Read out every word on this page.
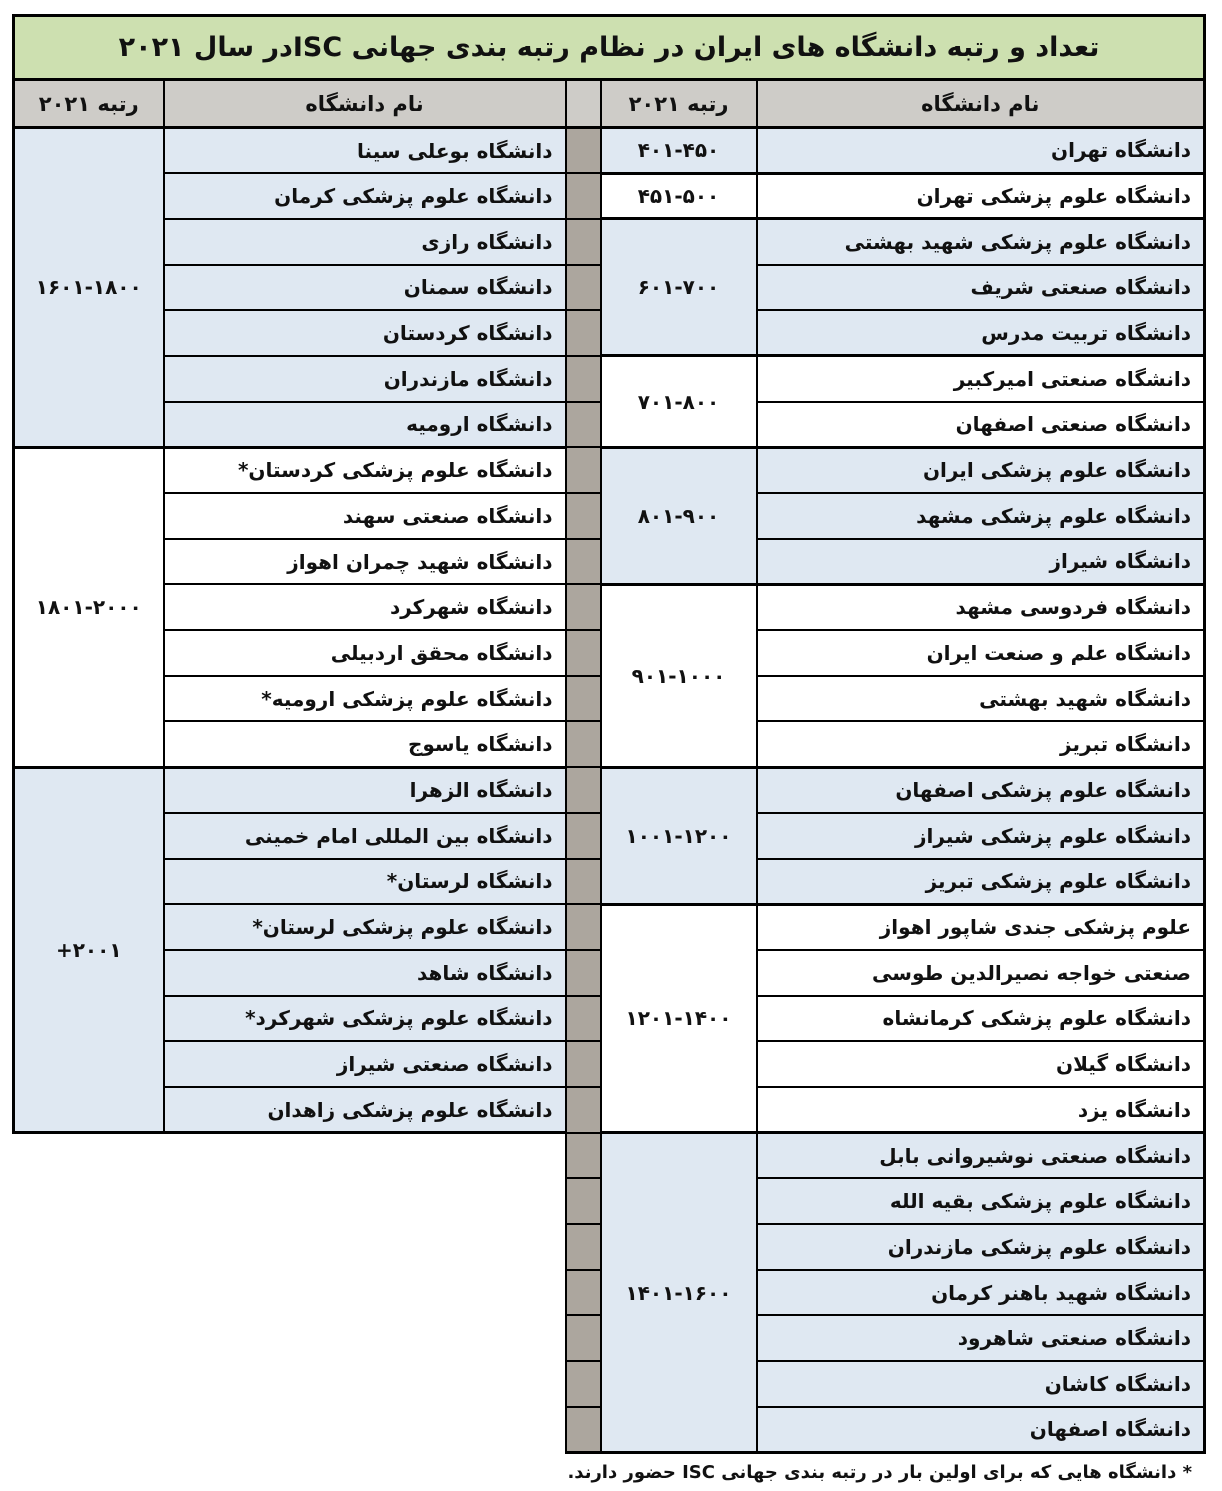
تعداد و رتبه دانشگاه های ایران در نظام رتبه بندی جهانی ISCدر سال ۲۰۲۱				
نام دانشگاه	رتبه ۲۰۲۱		نام دانشگاه	رتبه ۲۰۲۱
دانشگاه تهران	۴۰۱-۴۵۰		دانشگاه بوعلی سینا	۱۶۰۱-۱۸۰۰
دانشگاه علوم پزشکی تهران	۴۵۱-۵۰۰		دانشگاه علوم پزشکی کرمان	
دانشگاه علوم پزشکی شهید بهشتی	۶۰۱-۷۰۰		دانشگاه رازی	
دانشگاه صنعتی شریف			دانشگاه سمنان	
دانشگاه تربیت مدرس			دانشگاه کردستان	
دانشگاه صنعتی امیرکبیر	۷۰۱-۸۰۰		دانشگاه مازندران	
دانشگاه صنعتی اصفهان			دانشگاه ارومیه	
دانشگاه علوم پزشکی ایران	۸۰۱-۹۰۰		دانشگاه علوم پزشکی کردستان*	۱۸۰۱-۲۰۰۰
دانشگاه علوم پزشکی مشهد			دانشگاه صنعتی سهند	
دانشگاه شیراز			دانشگاه شهید چمران اهواز	
دانشگاه فردوسی مشهد	۹۰۱-۱۰۰۰		دانشگاه شهرکرد	
دانشگاه علم و صنعت ایران			دانشگاه محقق اردبیلی	
دانشگاه شهید بهشتی			دانشگاه علوم پزشکی ارومیه*	
دانشگاه تبریز			دانشگاه یاسوج	
دانشگاه علوم پزشکی اصفهان	۱۰۰۱-۱۲۰۰		دانشگاه الزهرا	+۲۰۰۱
دانشگاه علوم پزشکی شیراز			دانشگاه بین المللی امام خمینی	
دانشگاه علوم پزشکی تبریز			دانشگاه لرستان*	
علوم پزشکی جندی شاپور اهواز	۱۲۰۱-۱۴۰۰		دانشگاه علوم پزشکی لرستان*	
صنعتی خواجه نصیرالدین طوسی			دانشگاه شاهد	
دانشگاه علوم پزشکی کرمانشاه			دانشگاه علوم پزشکی شهرکرد*	
دانشگاه گیلان			دانشگاه صنعتی شیراز	
دانشگاه یزد			دانشگاه علوم پزشکی زاهدان	
دانشگاه صنعتی نوشیروانی بابل	۱۴۰۱-۱۶۰۰			
دانشگاه علوم پزشکی بقیه الله				
دانشگاه علوم پزشکی مازندران				
دانشگاه شهید باهنر کرمان				
دانشگاه صنعتی شاهرود				
دانشگاه کاشان				
دانشگاه اصفهان				
* دانشگاه هایی که برای اولین بار در رتبه بندی جهانی ISC حضور دارند.
